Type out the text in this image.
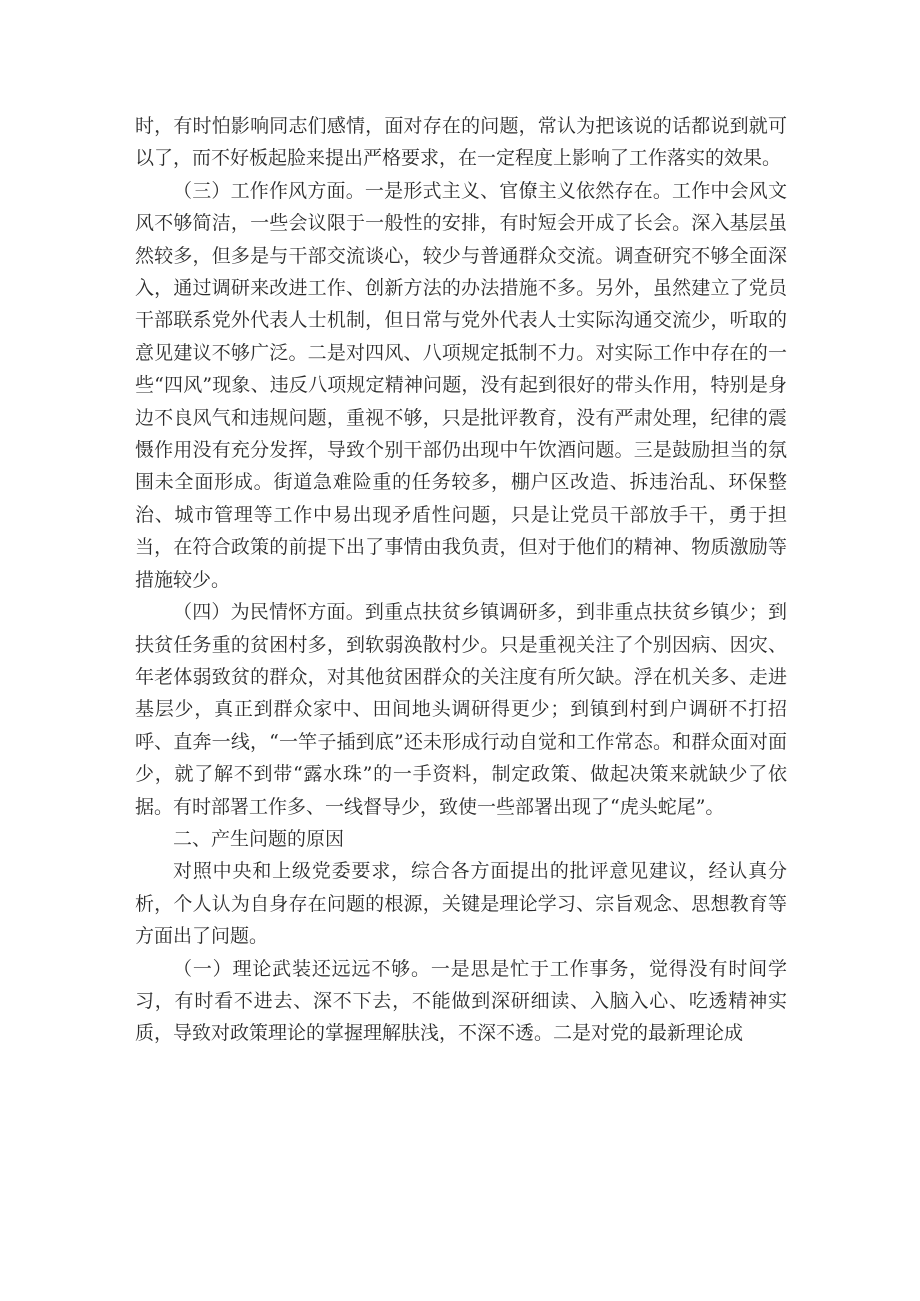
时，有时怕影响同志们感情，面对存在的问题，常认为把该说的话都说到就可以了，而不好板起脸来提出严格要求，在一定程度上影响了工作落实的效果。

（三）工作作风方面。一是形式主义、官僚主义依然存在。工作中会风文风不够简洁，一些会议限于一般性的安排，有时短会开成了长会。深入基层虽然较多，但多是与干部交流谈心，较少与普通群众交流。调查研究不够全面深入，通过调研来改进工作、创新方法的办法措施不多。另外，虽然建立了党员干部联系党外代表人士机制，但日常与党外代表人士实际沟通交流少，听取的意见建议不够广泛。二是对四风、八项规定抵制不力。对实际工作中存在的一些“四风”现象、违反八项规定精神问题，没有起到很好的带头作用，特别是身边不良风气和违规问题，重视不够，只是批评教育，没有严肃处理，纪律的震慑作用没有充分发挥，导致个别干部仍出现中午饮酒问题。三是鼓励担当的氛围未全面形成。街道急难险重的任务较多，棚户区改造、拆违治乱、环保整治、城市管理等工作中易出现矛盾性问题，只是让党员干部放手干，勇于担当，在符合政策的前提下出了事情由我负责，但对于他们的精神、物质激励等措施较少。

（四）为民情怀方面。到重点扶贫乡镇调研多，到非重点扶贫乡镇少；到扶贫任务重的贫困村多，到软弱涣散村少。只是重视关注了个别因病、因灾、年老体弱致贫的群众，对其他贫困群众的关注度有所欠缺。浮在机关多、走进基层少，真正到群众家中、田间地头调研得更少；到镇到村到户调研不打招呼、直奔一线，“一竿子插到底”还未形成行动自觉和工作常态。和群众面对面少，就了解不到带“露水珠”的一手资料，制定政策、做起决策来就缺少了依据。有时部署工作多、一线督导少，致使一些部署出现了“虎头蛇尾”。

二、产生问题的原因

对照中央和上级党委要求，综合各方面提出的批评意见建议，经认真分析，个人认为自身存在问题的根源，关键是理论学习、宗旨观念、思想教育等方面出了问题。

（一）理论武装还远远不够。一是思是忙于工作事务，觉得没有时间学习，有时看不进去、深不下去，不能做到深研细读、入脑入心、吃透精神实质，导致对政策理论的掌握理解肤浅，不深不透。二是对党的最新理论成
